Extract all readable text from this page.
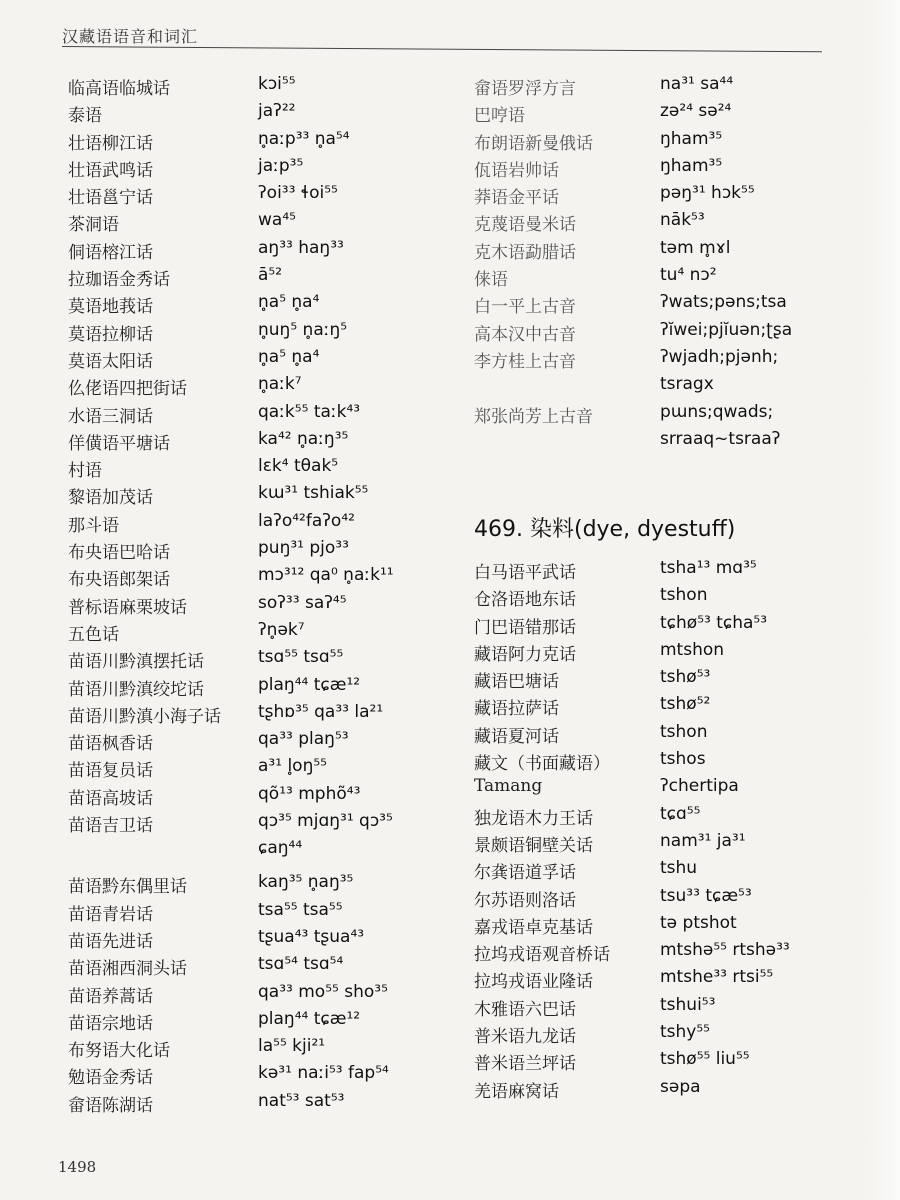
汉藏语语音和词汇
临高语临城话	kɔi⁵⁵
泰语	jaʔ²²
壮语柳江话	n̥aːp³³ n̥a⁵⁴
壮语武鸣话	jaːp³⁵
壮语邕宁话	ʔoi³³ ɬoi⁵⁵
茶洞语	wa⁴⁵
侗语榕江话	aŋ³³ haŋ³³
拉珈语金秀话	ā⁵²
莫语地莪话	n̥a⁵ n̥a⁴
莫语拉柳话	n̥uŋ⁵ n̥aːŋ⁵
莫语太阳话	n̥a⁵ n̥a⁴
仫佬语四把街话	n̥aːk⁷
水语三洞话	qaːk⁵⁵ taːk⁴³
佯僙语平塘话	ka⁴² n̥aːŋ³⁵
村语	lɛk⁴ tθak⁵
黎语加茂话	kɯ³¹ tshiak⁵⁵
那斗语	laʔo⁴²faʔo⁴²
布央语巴哈话	puŋ³¹ pjo³³
布央语郎架话	mɔ³¹² qa⁰ n̥aːk¹¹
普标语麻栗坡话	soʔ³³ saʔ⁴⁵
五色话	ʔn̥ək⁷
苗语川黔滇摆托话	tsɑ⁵⁵ tsɑ⁵⁵
苗语川黔滇绞坨话	plaŋ⁴⁴ tɕæ¹²
苗语川黔滇小海子话 tʂhɒ³⁵ qa³³ la²¹
苗语枫香话	qa³³ plaŋ⁵³
苗语复员话	a³¹ l̥oŋ⁵⁵
苗语高坡话	qõ¹³ mphõ⁴³
苗语吉卫话	qɔ³⁵ mjɑŋ³¹ qɔ³⁵
ɕaŋ⁴⁴
苗语黔东偶里话	kaŋ³⁵ n̥aŋ³⁵
苗语青岩话	tsa⁵⁵ tsa⁵⁵
苗语先进话	tʂua⁴³ tʂua⁴³
苗语湘西洞头话	tsɑ⁵⁴ tsɑ⁵⁴
苗语养蒿话	qa³³ mo⁵⁵ sho³⁵
苗语宗地话	plaŋ⁴⁴ tɕæ¹²
布努语大化话	la⁵⁵ kji²¹
勉语金秀话	kə³¹ naːi⁵³ fap⁵⁴
畲语陈湖话	nat⁵³ sat⁵³
畲语罗浮方言	na³¹ sa⁴⁴
巴哼语	zə²⁴ sə²⁴
布朗语新曼俄话	ŋham³⁵
佤语岩帅话	ŋham³⁵
莽语金平话	pəŋ³¹ hɔk⁵⁵
克蔑语曼米话	nāk⁵³
克木语勐腊话	təm m̥ɤl
俫语	tu⁴ nɔ²
白一平上古音	ʔwats;pəns;tsa
高本汉中古音	ʔĭwei;pjĭuən;ʈʂa
李方桂上古音	ʔwjadh;pjənh;
tsragx
郑张尚芳上古音	pɯns;qwads;
srraaq~tsraaʔ
469. 染料(dye, dyestuff)
白马语平武话	tsha¹³ mɑ³⁵
仓洛语地东话	tshon
门巴语错那话	tɕhø⁵³ tɕha⁵³
藏语阿力克话	mtshon
藏语巴塘话	tshø⁵³
藏语拉萨话	tshø⁵²
藏语夏河话	tshon
藏文（书面藏语）	tshos
Tamang	ʔchertipa
独龙语木力王话	tɕɑ⁵⁵
景颇语铜壁关话	nam³¹ ja³¹
尔龚语道孚话	tshu
尔苏语则洛话	tsu³³ tɕæ⁵³
嘉戎语卓克基话	tə ptshot
拉坞戎语观音桥话	mtshə⁵⁵ rtshə³³
拉坞戎语业隆话	mtshe³³ rtsi⁵⁵
木雅语六巴话	tshui⁵³
普米语九龙话	tshy⁵⁵
普米语兰坪话	tshø⁵⁵ liu⁵⁵
羌语麻窝话	səpa
1498
